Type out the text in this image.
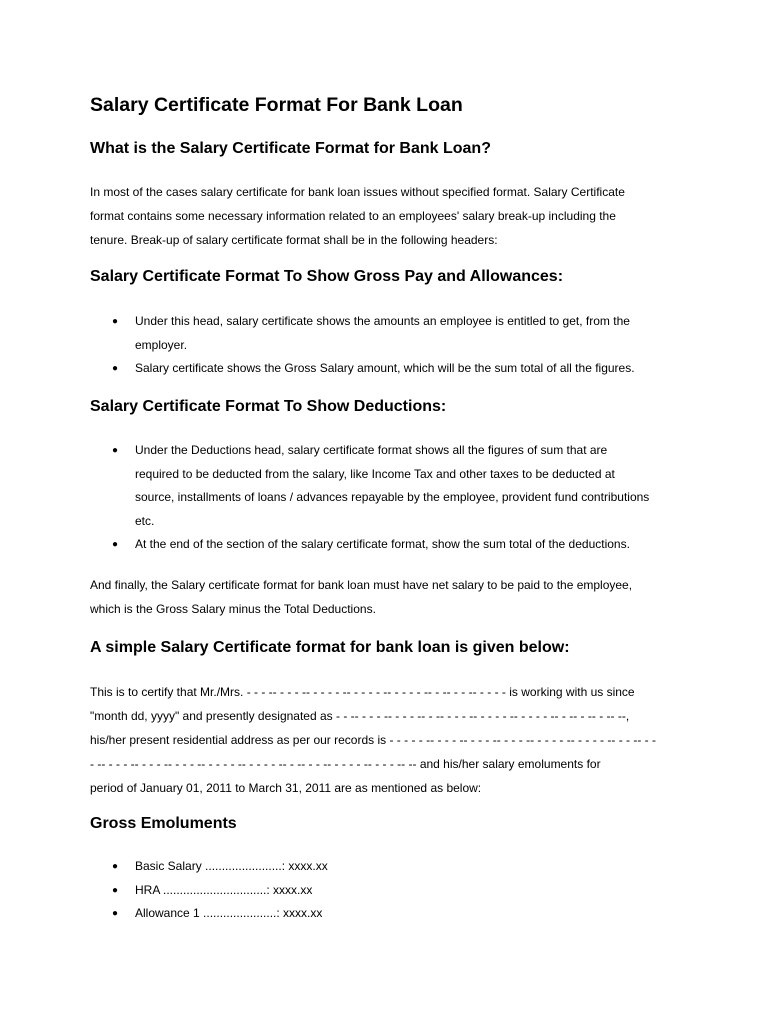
Salary Certificate Format For Bank Loan
What is the Salary Certificate Format for Bank Loan?
In most of the cases salary certificate for bank loan issues without specified format. Salary Certificate
format contains some necessary information related to an employees' salary break-up including the
tenure. Break-up of salary certificate format shall be in the following headers:
Salary Certificate Format To Show Gross Pay and Allowances:
● Under this head, salary certificate shows the amounts an employee is entitled to get, from the
employer.
● Salary certificate shows the Gross Salary amount, which will be the sum total of all the figures.
Salary Certificate Format To Show Deductions:
● Under the Deductions head, salary certificate format shows all the figures of sum that are
required to be deducted from the salary, like Income Tax and other taxes to be deducted at
source, installments of loans / advances repayable by the employee, provident fund contributions
etc.
● At the end of the section of the salary certificate format, show the sum total of the deductions.
And finally, the Salary certificate format for bank loan must have net salary to be paid to the employee,
which is the Gross Salary minus the Total Deductions.
A simple Salary Certificate format for bank loan is given below:
This is to certify that Mr./Mrs. - - - -- - - - -- - - - - -- - - - - -- - - - - -- - -- - - -- - - - - is working with us since
"month dd, yyyy" and presently designated as - - -- - - - -- - - - -- - -- - - - -- - - - - -- - - - - -- - -- - -- - -- --,
his/her present residential address as per our records is - - - - - -- - - - -- - - - -- - - - -- - - - - -- - - - - -- - - -- - -
- -- - - - -- - - - -- - - - -- - - - - -- - - - - -- - -- - - -- - - - - -- - - - -- -- and his/her salary emoluments for
period of January 01, 2011 to March 31, 2011 are as mentioned as below:
Gross Emoluments
● Basic Salary .......................: xxxx.xx
● HRA ...............................: xxxx.xx
● Allowance 1 ......................: xxxx.xx
